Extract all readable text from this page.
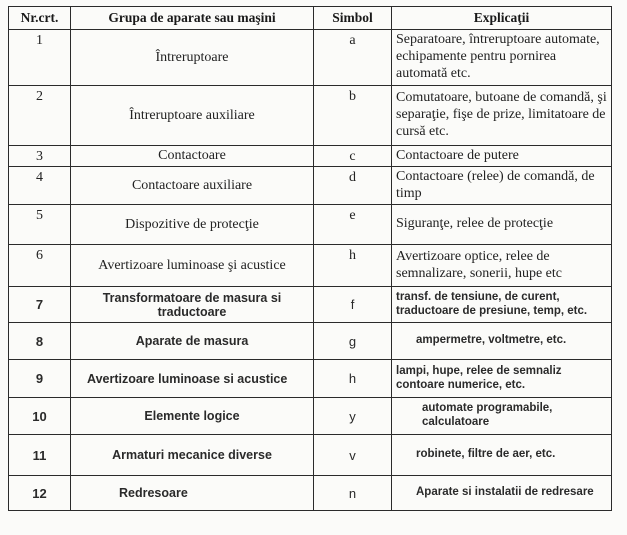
Nr.crt.	Grupa de aparate sau maşini	Simbol	Explicaţii
1	Întreruptoare	a	Separatoare, întreruptoare automate, echipamente pentru pornirea automată etc.
2	Întreruptoare auxiliare	b	Comutatoare, butoane de comandă, şi separaţie, fişe de prize, limitatoare de cursă etc.
3	Contactoare	c	Contactoare de putere
4	Contactoare auxiliare	d	Contactoare (relee) de comandă, de timp
5	Dispozitive de protecţie	e	Siguranţe, relee de protecţie
6	Avertizoare luminoase şi acustice	h	Avertizoare optice, relee de semnalizare, sonerii, hupe etc
7	Transformatoare de masura si traductoare	f	transf. de tensiune, de curent, traductoare de presiune, temp, etc.
8	Aparate de masura	g	ampermetre, voltmetre, etc.
9	Avertizoare luminoase si acustice	h	lampi, hupe, relee de semnaliz contoare numerice, etc.
10	Elemente logice	y	automate programabile, calculatoare
11	Armaturi mecanice diverse	v	robinete, filtre de aer, etc.
12	Redresoare	n	Aparate si instalatii de redresare
